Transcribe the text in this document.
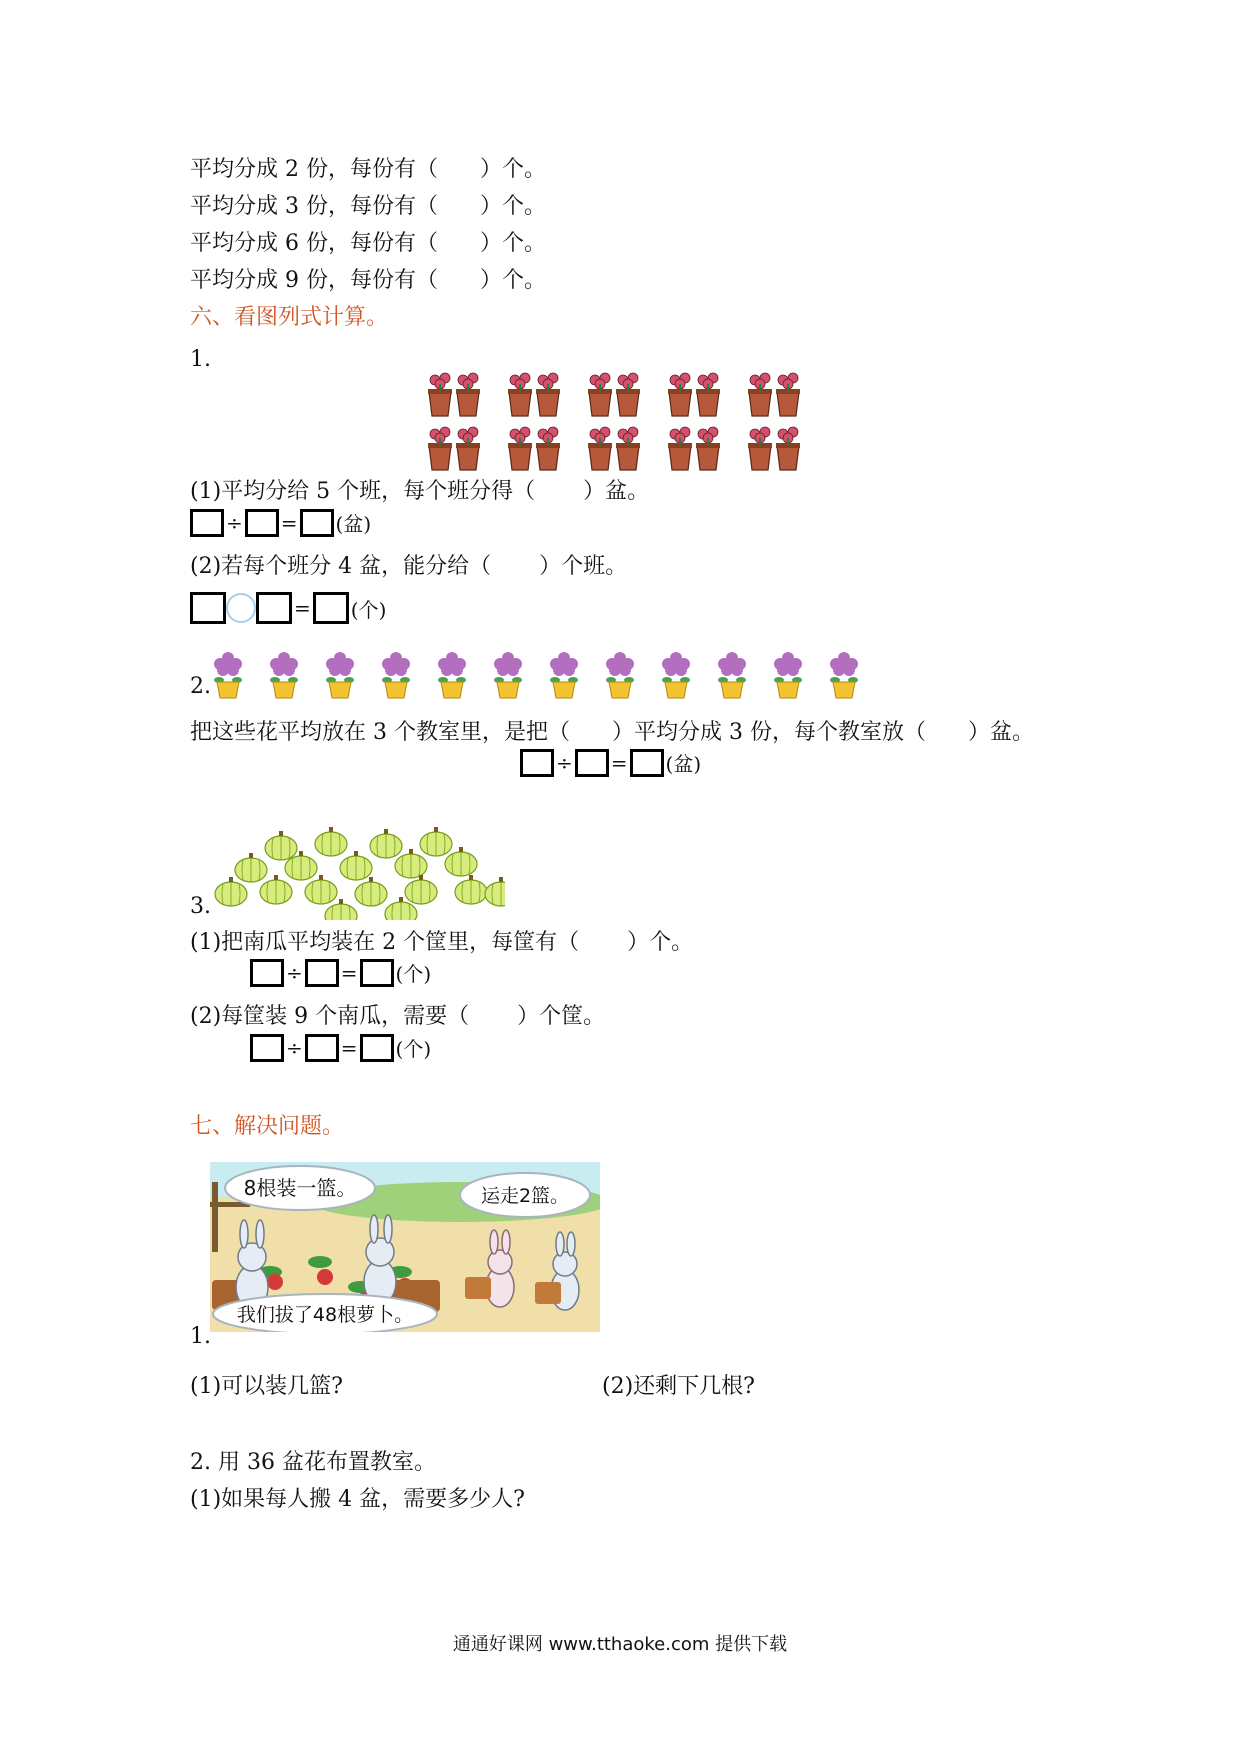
平均分成 2 份，每份有（ ）个。
平均分成 3 份，每份有（ ）个。
平均分成 6 份，每份有（ ）个。
平均分成 9 份，每份有（ ）个。
六、看图列式计算。
1.
(1)平均分给 5 个班，每个班分得（ ）盆。
÷ = (盆)
(2)若每个班分 4 盆，能分给（ ）个班。
= (个)
2.
把这些花平均放在 3 个教室里，是把（ ）平均分成 3 份，每个教室放（ ）盆。
÷ = (盆)
3.
(1)把南瓜平均装在 2 个筐里，每筐有（ ）个。
÷ = (个)
(2)每筐装 9 个南瓜，需要（ ）个筐。
÷ = (个)
七、解决问题。
8根装一篮。	运走2篮。
我们拔了48根萝卜。
1.
(1)可以装几篮?	(2)还剩下几根?
2. 用 36 盆花布置教室。
(1)如果每人搬 4 盆，需要多少人?
通通好课网 www.tthaoke.com 提供下载
